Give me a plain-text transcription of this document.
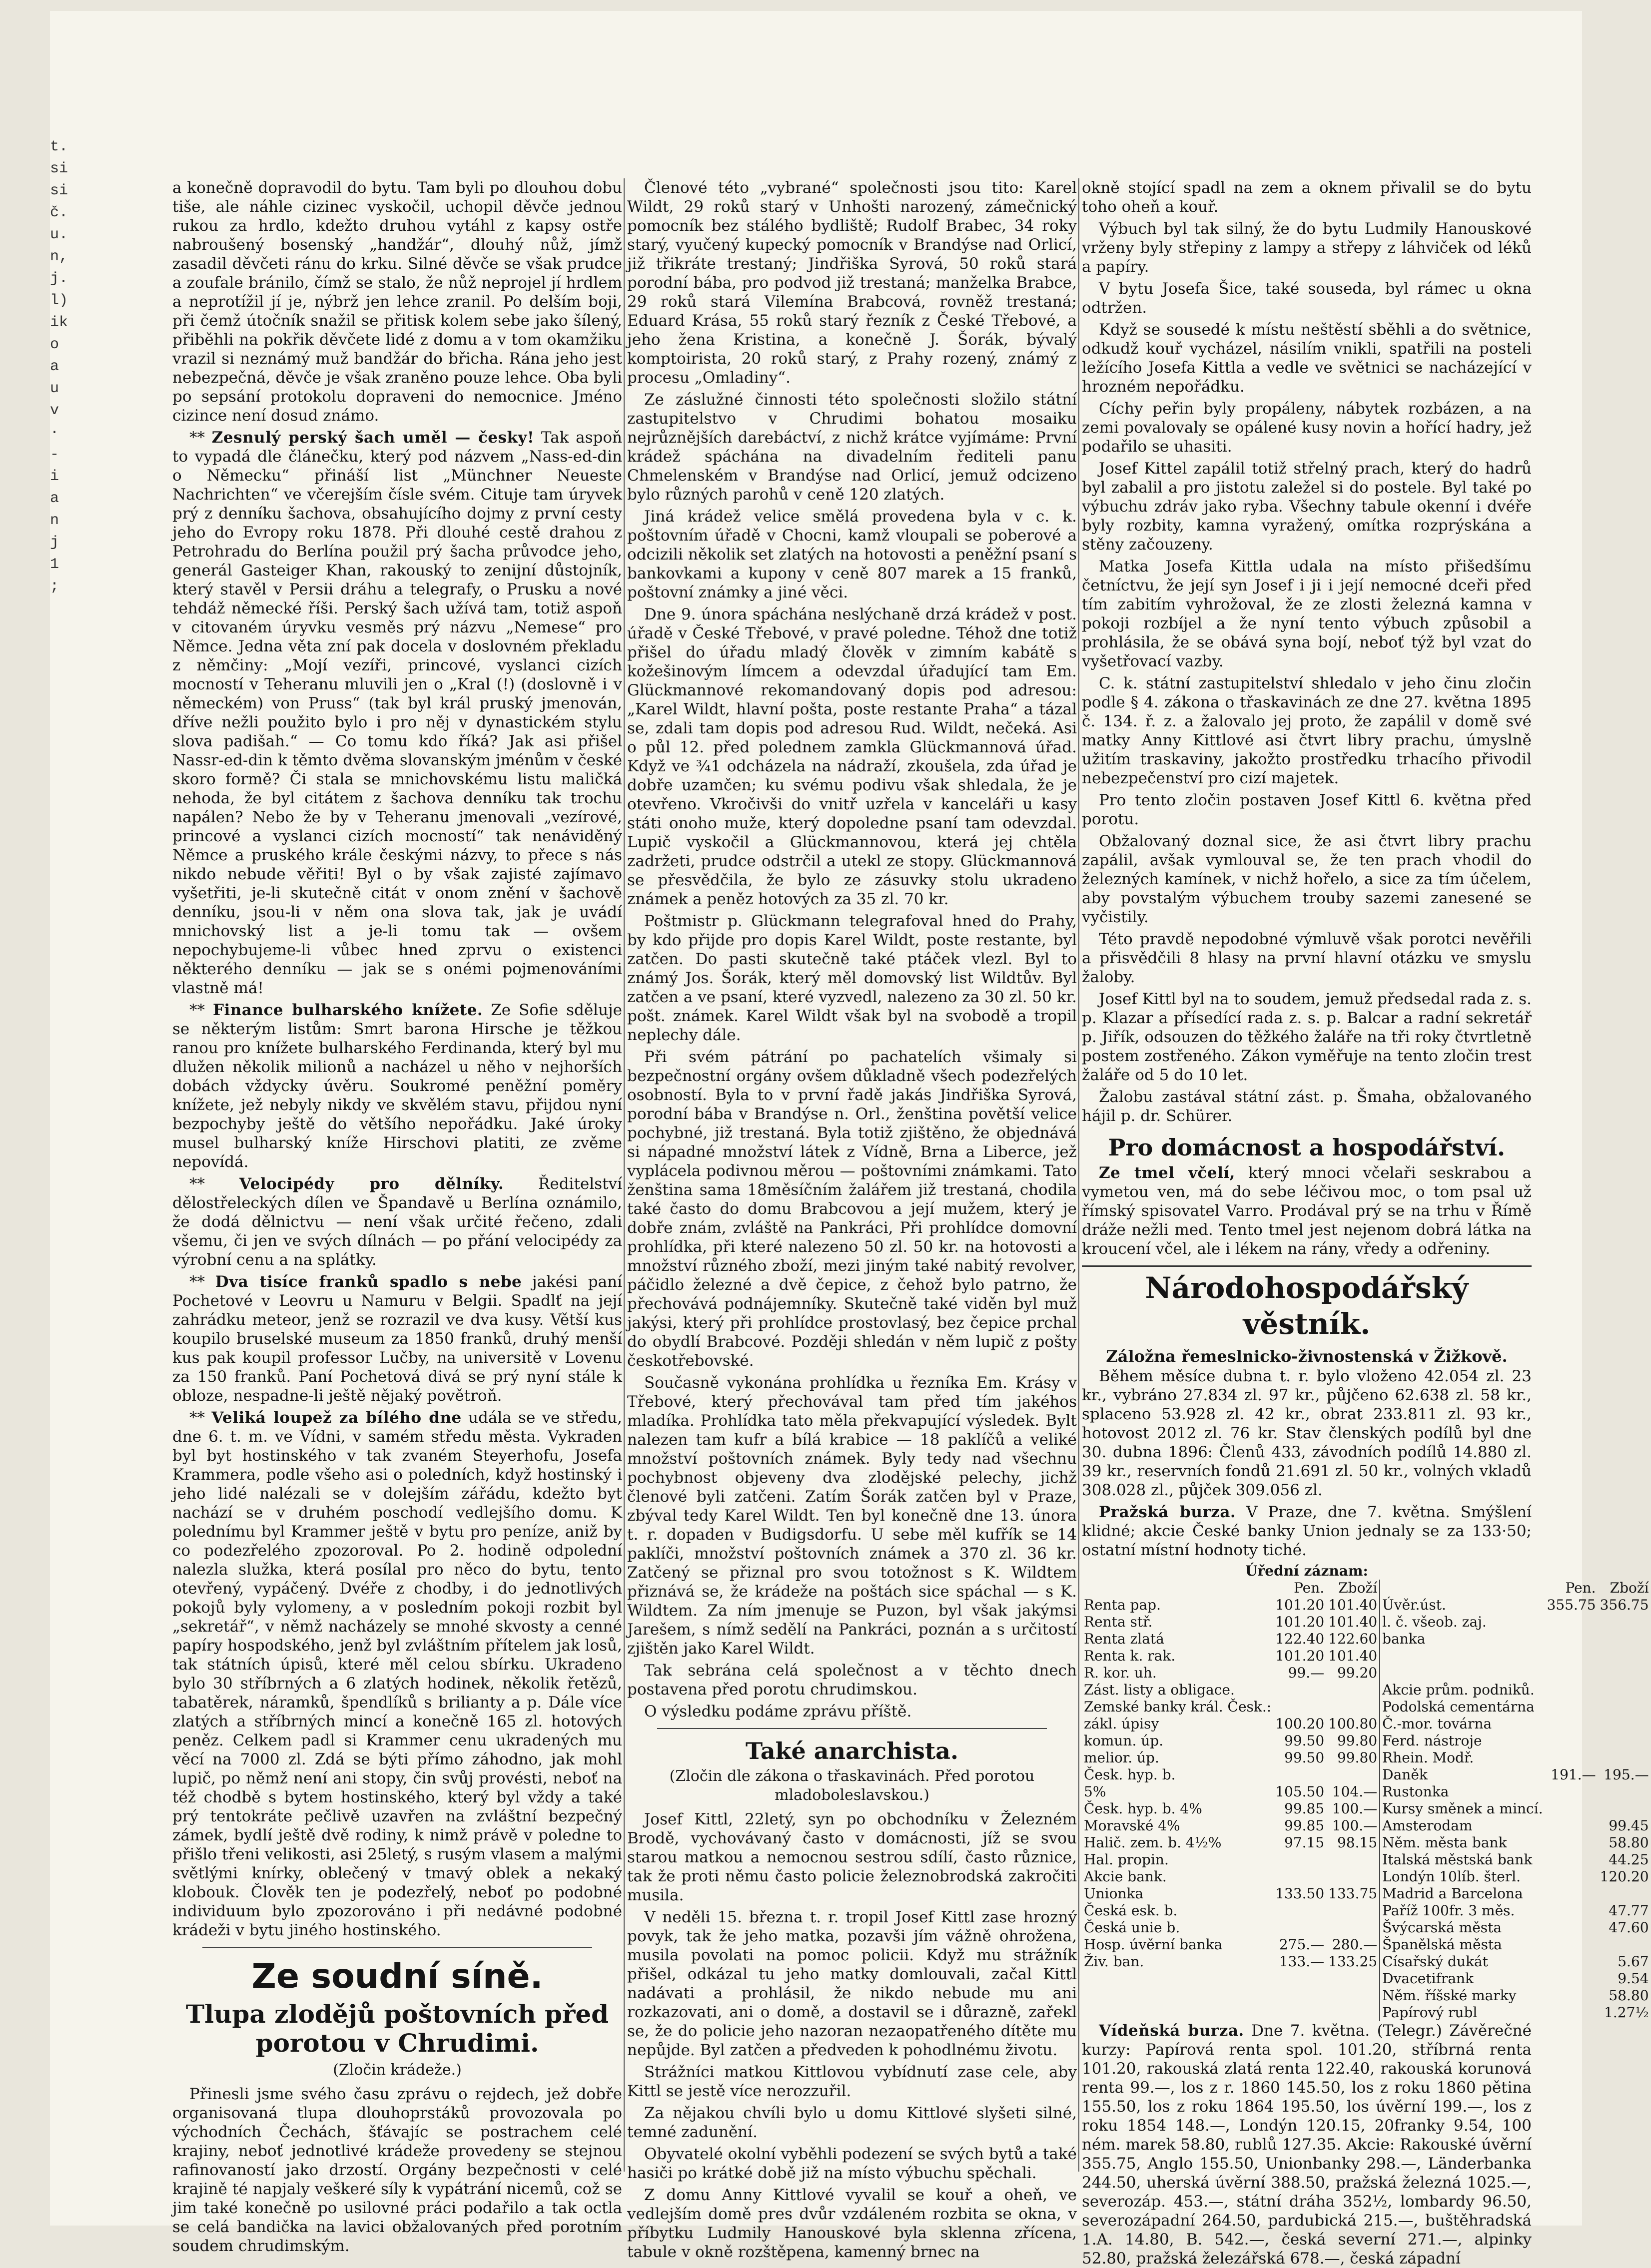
t.
si
si
č.
u.
n,
j.
l)
ik
o
a
u
v
·
-
i
a
n
j
1
;

a konečně dopravodil do bytu. Tam byli po dlouhou dobu tiše, ale náhle cizinec vyskočil, uchopil děvče jednou rukou za hrdlo, kdežto druhou vytáhl z kapsy ostře nabroušený bosenský „handžár“, dlouhý nůž, jímž zasadil děvčeti ránu do krku. Silné děvče se však prudce a zoufale bránilo, čímž se stalo, že nůž neprojel jí hrdlem a neprotížil jí je, nýbrž jen lehce zranil. Po delším boji, při čemž útočník snažil se přitisk kolem sebe jako šílený, přiběhli na pokřik děvčete lidé z domu a v tom okamžiku vrazil si neznámý muž bandžár do břicha. Rána jeho jest nebezpečná, děvče je však zraněno pouze lehce. Oba byli po sepsání protokolu dopraveni do nemocnice. Jméno cizince není dosud známo.

** Zesnulý perský šach uměl — česky! Tak aspoň to vypadá dle článečku, který pod názvem „Nass-ed-din o Německu“ přináší list „Münchner Neueste Nachrichten“ ve včerejším čísle svém. Cituje tam úryvek prý z denníku šachova, obsahujícího dojmy z první cesty jeho do Evropy roku 1878. Při dlouhé cestě drahou z Petrohradu do Berlína použil prý šacha průvodce jeho, generál Gasteiger Khan, rakouský to zenijní důstojník, který stavěl v Persii dráhu a telegrafy, o Prusku a nové tehdáž německé říši. Perský šach užívá tam, totiž aspoň v citovaném úryvku vesměs prý názvu „Nemese“ pro Němce. Jedna věta zní pak docela v doslovném překladu z němčiny: „Mojí vezíři, princové, vyslanci cizích mocností v Teheranu mluvili jen o „Kral (!) (doslovně i v německém) von Pruss“ (tak byl král pruský jmenován, dříve nežli použito bylo i pro něj v dynastickém stylu slova padišah.“ — Co tomu kdo říká? Jak asi přišel Nassr-ed-din k těmto dvěma slovanským jménům v české skoro formě? Či stala se mnichovskému listu maličká nehoda, že byl citátem z šachova denníku tak trochu napálen? Nebo že by v Teheranu jmenovali „vezírové, princové a vyslanci cizích mocností“ tak nenáviděný Němce a pruského krále českými názvy, to přece s nás nikdo nebude věřiti! Byl o by však zajisté zajímavo vyšetřiti, je-li skutečně citát v onom znění v šachově denníku, jsou-li v něm ona slova tak, jak je uvádí mnichovský list a je-li tomu tak — ovšem nepochybujeme-li vůbec hned zprvu o existenci některého denníku — jak se s onémi pojmenováními vlastně má!

** Finance bulharského knížete. Ze Sofie sděluje se některým listům: Smrt barona Hirsche je těžkou ranou pro knížete bulharského Ferdinanda, který byl mu dlužen několik milionů a nacházel u něho v nejhorších dobách vždycky úvěru. Soukromé peněžní poměry knížete, jež nebyly nikdy ve skvělém stavu, přijdou nyní bezpochyby ještě do většího nepořádku. Jaké úroky musel bulharský kníže Hirschovi platiti, ze zvěme nepovídá.

** Velocipédy pro dělníky. Ředitelství dělostřeleckých dílen ve Špandavě u Berlína oznámilo, že dodá dělnictvu — není však určité řečeno, zdali všemu, či jen ve svých dílnách — po přání velocipédy za výrobní cenu a na splátky.

** Dva tisíce franků spadlo s nebe jakési paní Pochetové v Leovru u Namuru v Belgii. Spadlť na její zahrádku meteor, jenž se rozrazil ve dva kusy. Větší kus koupilo bruselské museum za 1850 franků, druhý menší kus pak koupil professor Lučby, na universitě v Lovenu za 150 franků. Paní Pochetová divá se prý nyní stále k obloze, nespadne-li ještě nějaký povětroň.

** Veliká loupež za bílého dne udála se ve středu, dne 6. t. m. ve Vídni, v samém středu města. Vykraden byl byt hostinského v tak zvaném Steyerhofu, Josefa Krammera, podle všeho asi o poledních, když hostinský i jeho lidé nalézali se v dolejším zářádu, kdežto byt nachází se v druhém poschodí vedlejšího domu. K polednímu byl Krammer ještě v bytu pro peníze, aniž by co podezřelého zpozoroval. Po 2. hodině odpolední nalezla služka, která posílal pro něco do bytu, tento otevřený, vypáčený. Dvéře z chodby, i do jednotlivých pokojů byly vylomeny, a v posledním pokoji rozbit byl „sekretář“, v němž nacházely se mnohé skvosty a cenné papíry hospodského, jenž byl zvláštním přítelem jak losů, tak státních úpisů, které měl celou sbírku. Ukradeno bylo 30 stříbrných a 6 zlatých hodinek, několik řetězů, tabatěrek, náramků, špendlíků s brilianty a p. Dále více zlatých a stříbrných mincí a konečně 165 zl. hotových peněz. Celkem padl si Krammer cenu ukradených mu věcí na 7000 zl. Zdá se býti přímo záhodno, jak mohl lupič, po němž není ani stopy, čin svůj provésti, neboť na též chodbě s bytem hostinského, který byl vždy a také prý tentokráte pečlivě uzavřen na zvláštní bezpečný zámek, bydlí ještě dvě rodiny, k nimž právě v poledne to přišlo třeni velikosti, asi 25letý, s rusým vlasem a malými světlými knírky, oblečený v tmavý oblek a nekaký klobouk. Člověk ten je podezřelý, neboť po podobné individuum bylo zpozorováno i při nedávné podobné krádeži v bytu jiného hostinského.

Ze soudní síně.
Tlupa zlodějů poštovních před porotou v Chrudimi.
(Zločin krádeže.)

Přinesli jsme svého času zprávu o rejdech, jež dobře organisovaná tlupa dlouhoprstáků provozovala po východních Čechách, šťávajíc se postrachem celé krajiny, neboť jednotlivé krádeže provedeny se stejnou rafinovaností jako drzostí. Orgány bezpečnosti v celé krajině té napjaly veškeré síly k vypátrání nicemů, což se jim také konečně po usilovné práci podařilo a tak octla se celá bandička na lavici obžalovaných před porotním soudem chrudimským.

Členové této „vybrané“ společnosti jsou tito: Karel Wildt, 29 roků starý v Unhošti narozený, zámečnický pomocník bez stálého bydliště; Rudolf Brabec, 34 roky starý, vyučený kupecký pomocník v Brandýse nad Orlicí, již třikráte trestaný; Jindřiška Syrová, 50 roků stará porodní bába, pro podvod již trestaná; manželka Brabce, 29 roků stará Vilemína Brabcová, rovněž trestaná; Eduard Krása, 55 roků starý řezník z České Třebové, a jeho žena Kristina, a konečně J. Šorák, bývalý komptoirista, 20 roků starý, z Prahy rozený, známý z procesu „Omladiny“.

Ze záslužné činnosti této společnosti složilo státní zastupitelstvo v Chrudimi bohatou mosaiku nejrůznějších darebáctví, z nichž krátce vyjímáme: První krádež spáchána na divadelním řediteli panu Chmelenském v Brandýse nad Orlicí, jemuž odcizeno bylo různých parohů v ceně 120 zlatých.

Jiná krádež velice smělá provedena byla v c. k. poštovním úřadě v Chocni, kamž vloupali se poberové a odcizili několik set zlatých na hotovosti a peněžní psaní s bankovkami a kupony v ceně 807 marek a 15 franků, poštovní známky a jiné věci.

Dne 9. února spáchána neslýchaně drzá krádež v post. úřadě v České Třebové, v pravé poledne. Téhož dne totiž přišel do úřadu mladý člověk v zimním kabátě s kožešinovým límcem a odevzdal úřadující tam Em. Glückmannové rekomandovaný dopis pod adresou: „Karel Wildt, hlavní pošta, poste restante Praha“ a tázal se, zdali tam dopis pod adresou Rud. Wildt, nečeká. Asi o půl 12. před polednem zamkla Glückmannová úřad. Když ve ¾1 odcházela na nádraží, zkoušela, zda úřad je dobře uzamčen; ku svému podivu však shledala, že je otevřeno. Vkročivši do vnitř uzřela v kanceláři u kasy státi onoho muže, který dopoledne psaní tam odevzdal. Lupič vyskočil a Glückmannovou, která jej chtěla zadržeti, prudce odstrčil a utekl ze stopy. Glückmannová se přesvědčila, že bylo ze zásuvky stolu ukradeno známek a peněz hotových za 35 zl. 70 kr.

Poštmistr p. Glückmann telegrafoval hned do Prahy, by kdo přijde pro dopis Karel Wildt, poste restante, byl zatčen. Do pasti skutečně také ptáček vlezl. Byl to známý Jos. Šorák, který měl domovský list Wildtův. Byl zatčen a ve psaní, které vyzvedl, nalezeno za 30 zl. 50 kr. pošt. známek. Karel Wildt však byl na svobodě a tropil neplechy dále.

Při svém pátrání po pachatelích všimaly si bezpečnostní orgány ovšem důkladně všech podezřelých osobností. Byla to v první řadě jakás Jindřiška Syrová, porodní bába v Brandýse n. Orl., ženština povětší velice pochybné, již trestaná. Byla totiž zjištěno, že objednává si nápadné množství látek z Vídně, Brna a Liberce, jež vyplácela podivnou měrou — poštovními známkami. Tato ženština sama 18měsíčním žalářem již trestaná, chodila také často do domu Brabcovou a její mužem, který je dobře znám, zvláště na Pankráci, Při prohlídce domovní prohlídka, při které nalezeno 50 zl. 50 kr. na hotovosti a množství různého zboží, mezi jiným také nabitý revolver, páčidlo železné a dvě čepice, z čehož bylo patrno, že přechovává podnájemníky. Skutečně také viděn byl muž jakýsi, který při prohlídce prostovlasý, bez čepice prchal do obydlí Brabcové. Později shledán v něm lupič z pošty českotřebovské.

Současně vykonána prohlídka u řezníka Em. Krásy v Třebové, který přechovával tam před tím jakéhos mladíka. Prohlídka tato měla překvapující výsledek. Bylt nalezen tam kufr a bílá krabice — 18 paklíčů a veliké množství poštovních známek. Byly tedy nad všechnu pochybnost objeveny dva zlodějské pelechy, jichž členové byli zatčeni. Zatím Šorák zatčen byl v Praze, zbýval tedy Karel Wildt. Ten byl konečně dne 13. února t. r. dopaden v Budigsdorfu. U sebe měl kufřík se 14 paklíči, množství poštovních známek a 370 zl. 36 kr. Zatčený se přiznal pro svou totožnost s K. Wildtem přiznává se, že krádeže na poštách sice spáchal — s K. Wildtem. Za ním jmenuje se Puzon, byl však jakýmsi Jarešem, s nímž sedělí na Pankráci, poznán a s určitostí zjištěn jako Karel Wildt.

Tak sebrána celá společnost a v těchto dnech postavena před porotu chrudimskou.

O výsledku podáme zprávu příště.

Také anarchista.
(Zločin dle zákona o třaskavinách. Před porotou mladoboleslavskou.)

Josef Kittl, 22letý, syn po obchodníku v Železném Brodě, vychovávaný často v domácnosti, jíž se svou starou matkou a nemocnou sestrou sdílí, často různice, tak že proti němu často policie železnobrodská zakročiti musila.

V neděli 15. března t. r. tropil Josef Kittl zase hrozný povyk, tak že jeho matka, pozavši jím vážně ohrožena, musila povolati na pomoc policii. Když mu strážník přišel, odkázal tu jeho matky domlouvali, začal Kittl nadávati a prohlásil, že nikdo nebude mu ani rozkazovati, ani o domě, a dostavil se i důrazně, zařekl se, že do policie jeho nazoran nezaopatřeného dítěte mu nepůjde. Byl zatčen a předveden k pohodlnému životu.

Strážníci matkou Kittlovou vybídnutí zase cele, aby Kittl se jestě více nerozzuřil.

Za nějakou chvíli bylo u domu Kittlové slyšeti silné, temné zadunění.

Obyvatelé okolní vyběhli podezení se svých bytů a také hasiči po krátké době již na místo výbuchu spěchali.

Z domu Anny Kittlové vyvalil se kouř a oheň, ve vedlejším domě pres dvůr vzdáleném rozbita se okna, v příbytku Ludmily Hanouskové byla sklenna zřícena, tabule v okně rozštěpena, kamenný brnec na

okně stojící spadl na zem a oknem přivalil se do bytu toho oheň a kouř.

Výbuch byl tak silný, že do bytu Ludmily Hanouskové vrženy byly střepiny z lampy a střepy z láhviček od léků a papíry.

V bytu Josefa Šice, také souseda, byl rámec u okna odtržen.

Když se sousedé k místu neštěstí sběhli a do světnice, odkudž kouř vycházel, násilím vnikli, spatřili na posteli ležícího Josefa Kittla a vedle ve světnici se nacházející v hrozném nepořádku.

Cíchy peřin byly propáleny, nábytek rozbázen, a na zemi povalovaly se opálené kusy novin a hořící hadry, jež podařilo se uhasiti.

Josef Kittel zapálil totiž střelný prach, který do hadrů byl zabalil a pro jistotu zaležel si do postele. Byl také po výbuchu zdráv jako ryba. Všechny tabule okenní i dvéře byly rozbity, kamna vyražený, omítka rozprýskána a stěny začouzeny.

Matka Josefa Kittla udala na místo přišedšímu četníctvu, že její syn Josef i ji i její nemocné dceři před tím zabitím vyhrožoval, že ze zlosti železná kamna v pokoji rozbíjel a že nyní tento výbuch způsobil a prohlásila, že se obává syna bojí, neboť týž byl vzat do vyšetřovací vazby.

C. k. státní zastupitelství shledalo v jeho činu zločin podle § 4. zákona o třaskavinách ze dne 27. května 1895 č. 134. ř. z. a žalovalo jej proto, že zapálil v domě své matky Anny Kittlové asi čtvrt libry prachu, úmyslně užitím traskaviny, jakožto prostředku trhacího přivodil nebezpečenství pro cizí majetek.

Pro tento zločin postaven Josef Kittl 6. května před porotu.

Obžalovaný doznal sice, že asi čtvrt libry prachu zapálil, avšak vymlouval se, že ten prach vhodil do železných kamínek, v nichž hořelo, a sice za tím účelem, aby povstalým výbuchem trouby sazemi zanesené se vyčistily.

Této pravdě nepodobné výmluvě však porotci nevěřili a přisvědčili 8 hlasy na první hlavní otázku ve smyslu žaloby.

Josef Kittl byl na to soudem, jemuž předsedal rada z. s. p. Klazar a přísedící rada z. s. p. Balcar a radní sekretář p. Jiřík, odsouzen do těžkého žaláře na tři roky čtvrtletně postem zostřeného. Zákon vyměřuje na tento zločin trest žaláře od 5 do 10 let.

Žalobu zastával státní zást. p. Šmaha, obžalovaného hájil p. dr. Schürer.

Pro domácnost a hospodářství.

Ze tmel včelí, který mnoci včelaři seskrabou a vymetou ven, má do sebe léčivou moc, o tom psal už římský spisovatel Varro. Prodával prý se na trhu v Římě dráže nežli med. Tento tmel jest nejenom dobrá látka na kroucení včel, ale i lékem na rány, vředy a odřeniny.

Národohospodářský věstník.
Záložna řemeslnicko-živnostenská v Žižkově.

Během měsíce dubna t. r. bylo vloženo 42.054 zl. 23 kr., vybráno 27.834 zl. 97 kr., půjčeno 62.638 zl. 58 kr., splaceno 53.928 zl. 42 kr., obrat 233.811 zl. 93 kr., hotovost 2012 zl. 76 kr. Stav členských podílů byl dne 30. dubna 1896: Členů 433, závodních podílů 14.880 zl. 39 kr., reservních fondů 21.691 zl. 50 kr., volných vkladů 308.028 zl., půjček 309.056 zl.

Pražská burza. V Praze, dne 7. května. Smýšlení klidné; akcie České banky Union jednaly se za 133·50; ostatní místní hodnoty tiché.

Úřední záznam:
	Pen.	Zboží		Pen.	Zboží
Renta pap.	101.20	101.40	Úvěr.úst.	355.75	356.75
Renta stř.	101.20	101.40	l. č. všeob. zaj.		
Renta zlatá	122.40	122.60	banka		
Renta k. rak.	101.20	101.40			
R. kor. uh.	99.—	99.20			
Zást. listy a obligace.			Akcie prům. podniků.		
Zemské banky král. Česk.:			Podolská cementárna		
zákl. úpisy	100.20	100.80	Č.-mor. továrna		
komun. úp.	99.50	99.80	Ferd. nástroje		
melior. úp.	99.50	99.80	Rhein. Modř.		
Česk. hyp. b.			Daněk	191.—	195.—
5%	105.50	104.—	Rustonka		
Česk. hyp. b. 4%	99.85	100.—	Kursy směnek a mincí.		
Moravské 4%	99.85	100.—	Amsterodam		99.45
Halič. zem. b. 4½%	97.15	98.15	Něm. města bank		58.80
Hal. propin.			Italská městská bank		44.25
Akcie bank.			Londýn 10líb. šterl.		120.20
Unionka	133.50	133.75	Madrid a Barcelona		
Česká esk. b.			Paříž 100fr. 3 měs.		47.77
Česká unie b.			Švýcarská města		47.60
Hosp. úvěrní banka	275.—	280.—	Španělská města		
Živ. ban.	133.—	133.25	Císařský dukát		5.67
			Dvacetifrank		9.54
			Něm. říšské marky		58.80
			Papírový rubl		1.27½

Vídeňská burza. Dne 7. května. (Telegr.) Závěrečné kurzy: Papírová renta spol. 101.20, stříbrná renta 101.20, rakouská zlatá renta 122.40, rakouská korunová renta 99.—, los z r. 1860 145.50, los z roku 1860 pětina 155.50, los z roku 1864 195.50, los úvěrní 199.—, los z roku 1854 148.—, Londýn 120.15, 20franky 9.54, 100 ném. marek 58.80, rublů 127.35. Akcie: Rakouské úvěrní 355.75, Anglo 155.50, Unionbanky 298.—, Länderbanka 244.50, uherská úvěrní 388.50, pražská železná 1025.—, severozáp. 453.—, státní dráha 352½, lombardy 96.50, severozápadní 264.50, pardubická 215.—, buštěhradská 1.A. 14.80, B. 542.—, česká severní 271.—, alpinky 52.80, pražská železářská 678.—, česká západní
